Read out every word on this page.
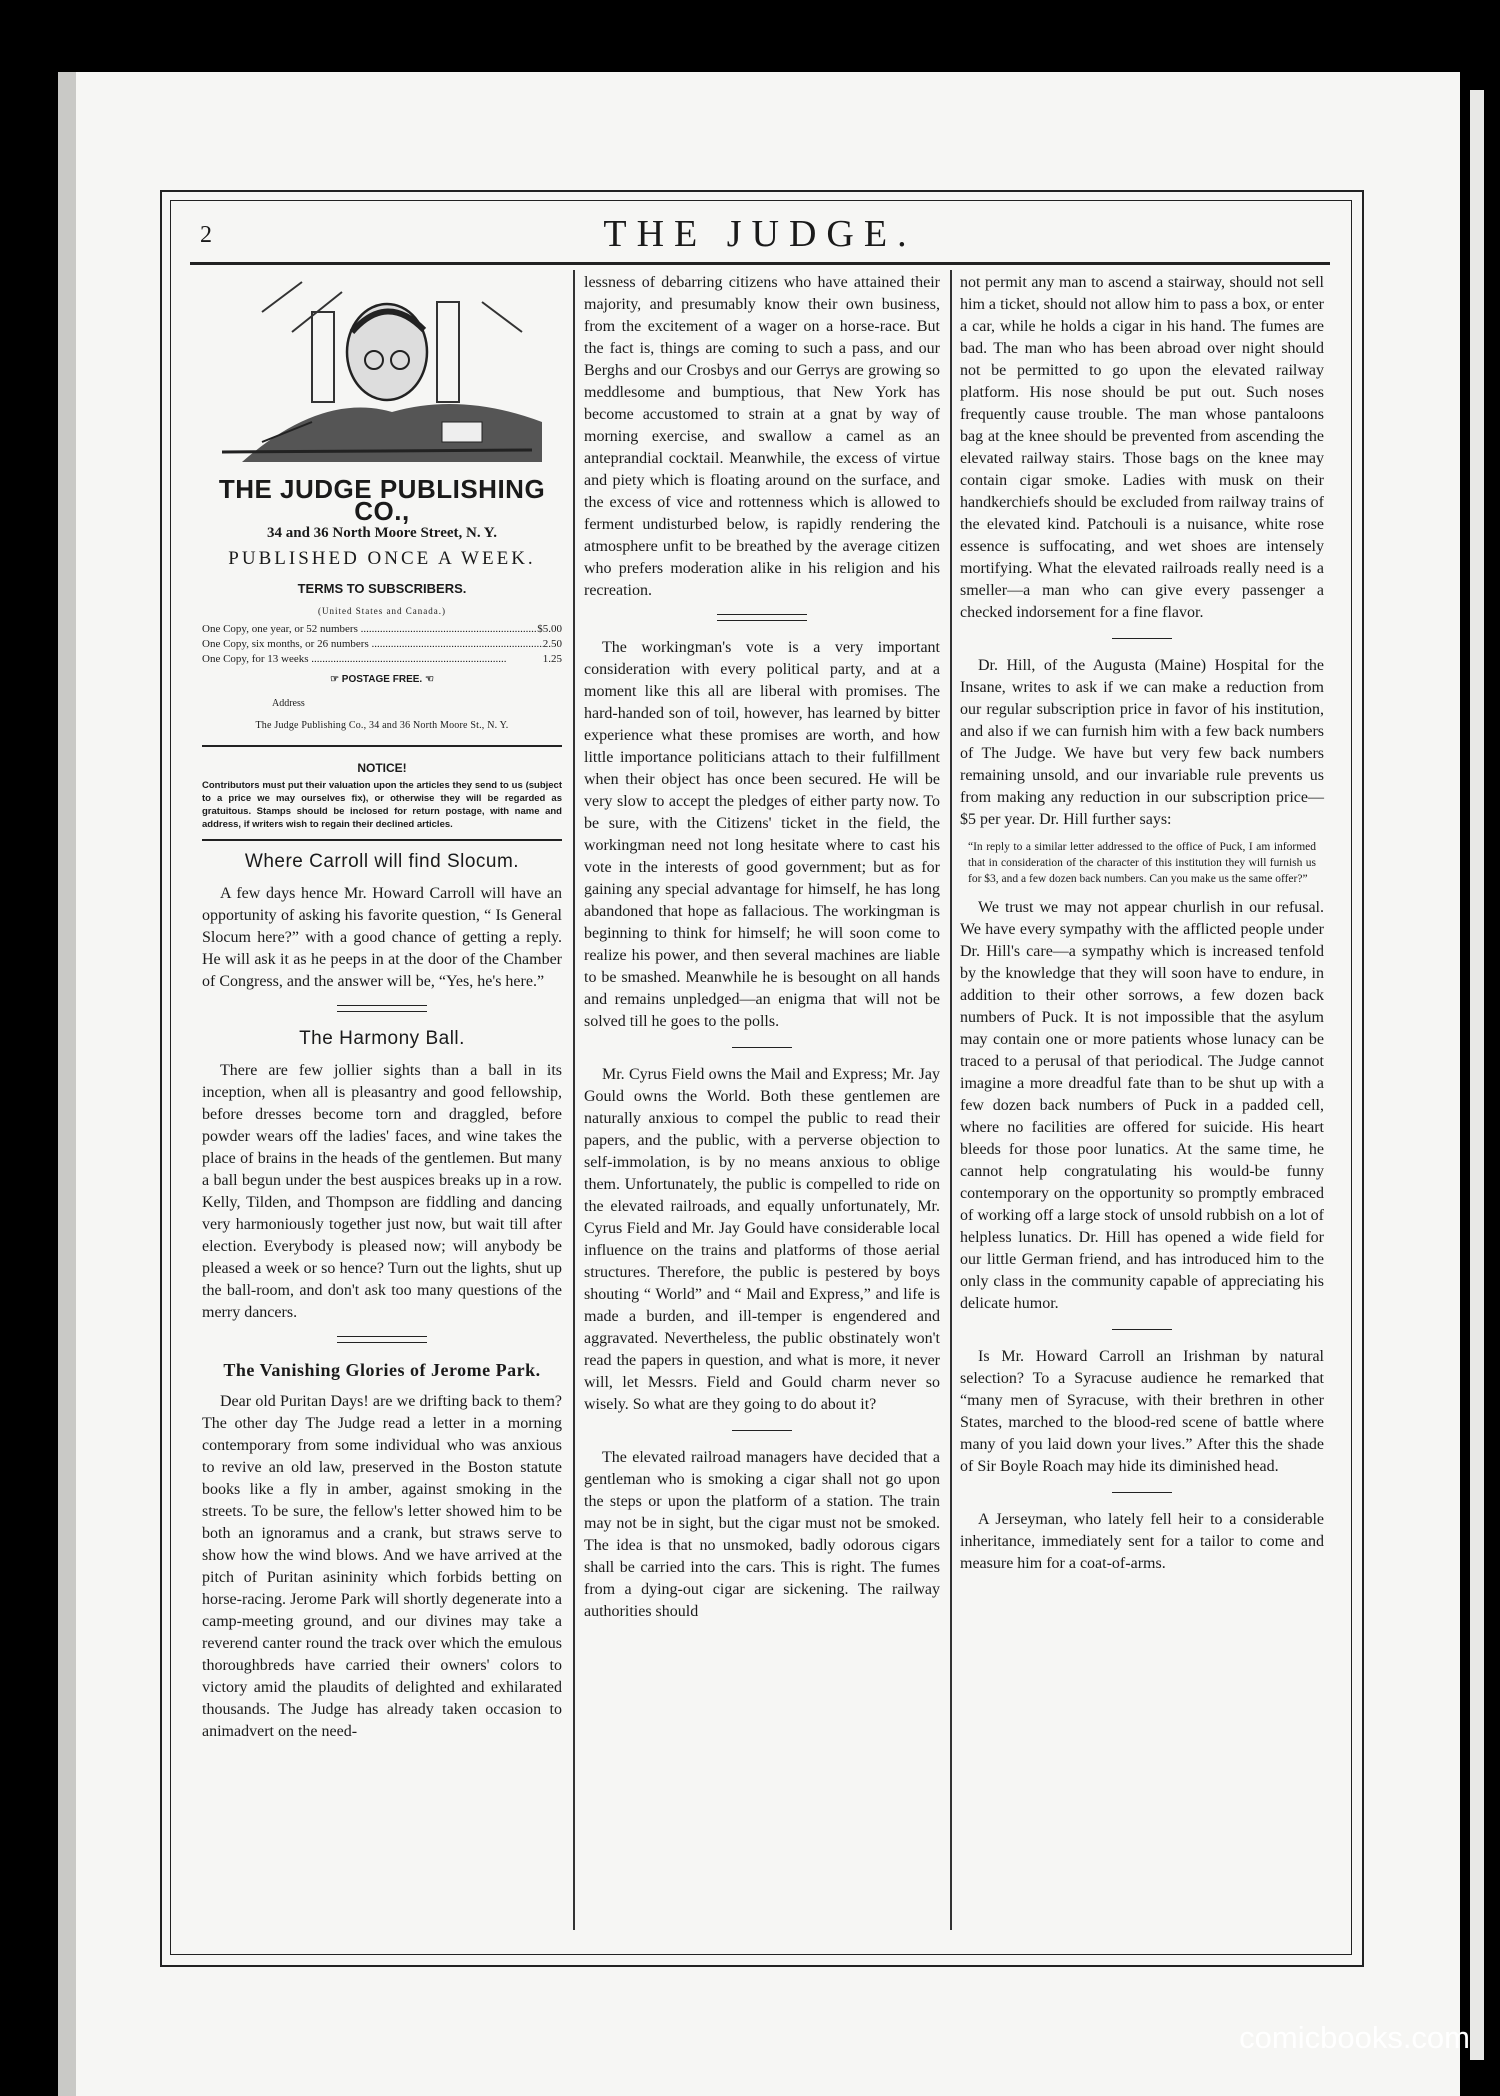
2	THE JUDGE.
THE JUDGE PUBLISHING CO.,
34 and 36 North Moore Street, N. Y.
PUBLISHED ONCE A WEEK.
TERMS TO SUBSCRIBERS.
(United States and Canada.)
One Copy, one year, or 52 numbers .....	$5.00
One Copy, six months, or 26 numbers .....	2.50
One Copy, for 13 weeks .....	1.25
☞ POSTAGE FREE. ☜
Address
The Judge Publishing Co., 34 and 36 North Moore St., N. Y.
NOTICE!
Contributors must put their valuation upon the articles they send to us (subject to a price we may ourselves fix), or otherwise they will be regarded as gratuitous. Stamps should be inclosed for return postage, with name and address, if writers wish to regain their declined articles.
Where Carroll will find Slocum.

A few days hence Mr. Howard Carroll will have an opportunity of asking his favorite question, “ Is General Slocum here?” with a good chance of getting a reply. He will ask it as he peeps in at the door of the Chamber of Congress, and the answer will be, “Yes, he's here.”

The Harmony Ball.

There are few jollier sights than a ball in its inception, when all is pleasantry and good fellowship, before dresses become torn and draggled, before powder wears off the ladies' faces, and wine takes the place of brains in the heads of the gentlemen. But many a ball begun under the best auspices breaks up in a row. Kelly, Tilden, and Thompson are fiddling and dancing very harmoniously together just now, but wait till after election. Everybody is pleased now; will anybody be pleased a week or so hence? Turn out the lights, shut up the ball-room, and don't ask too many questions of the merry dancers.

The Vanishing Glories of Jerome Park.

Dear old Puritan Days! are we drifting back to them? The other day The Judge read a letter in a morning contemporary from some individual who was anxious to revive an old law, preserved in the Boston statute books like a fly in amber, against smoking in the streets. To be sure, the fellow's letter showed him to be both an ignoramus and a crank, but straws serve to show how the wind blows. And we have arrived at the pitch of Puritan asininity which forbids betting on horse-racing. Jerome Park will shortly degenerate into a camp-meeting ground, and our divines may take a reverend canter round the track over which the emulous thoroughbreds have carried their owners' colors to victory amid the plaudits of delighted and exhilarated thousands. The Judge has already taken occasion to animadvert on the need-

lessness of debarring citizens who have attained their majority, and presumably know their own business, from the excitement of a wager on a horse-race. But the fact is, things are coming to such a pass, and our Berghs and our Crosbys and our Gerrys are growing so meddlesome and bumptious, that New York has become accustomed to strain at a gnat by way of morning exercise, and swallow a camel as an anteprandial cocktail. Meanwhile, the excess of virtue and piety which is floating around on the surface, and the excess of vice and rottenness which is allowed to ferment undisturbed below, is rapidly rendering the atmosphere unfit to be breathed by the average citizen who prefers moderation alike in his religion and his recreation.

The workingman's vote is a very important consideration with every political party, and at a moment like this all are liberal with promises. The hard-handed son of toil, however, has learned by bitter experience what these promises are worth, and how little importance politicians attach to their fulfillment when their object has once been secured. He will be very slow to accept the pledges of either party now. To be sure, with the Citizens' ticket in the field, the workingman need not long hesitate where to cast his vote in the interests of good government; but as for gaining any special advantage for himself, he has long abandoned that hope as fallacious. The workingman is beginning to think for himself; he will soon come to realize his power, and then several machines are liable to be smashed. Meanwhile he is besought on all hands and remains unpledged—an enigma that will not be solved till he goes to the polls.

Mr. Cyrus Field owns the Mail and Express; Mr. Jay Gould owns the World. Both these gentlemen are naturally anxious to compel the public to read their papers, and the public, with a perverse objection to self-immolation, is by no means anxious to oblige them. Unfortunately, the public is compelled to ride on the elevated railroads, and equally unfortunately, Mr. Cyrus Field and Mr. Jay Gould have considerable local influence on the trains and platforms of those aerial structures. Therefore, the public is pestered by boys shouting “ World” and “ Mail and Express,” and life is made a burden, and ill-temper is engendered and aggravated. Nevertheless, the public obstinately won't read the papers in question, and what is more, it never will, let Messrs. Field and Gould charm never so wisely. So what are they going to do about it?

The elevated railroad managers have decided that a gentleman who is smoking a cigar shall not go upon the steps or upon the platform of a station. The train may not be in sight, but the cigar must not be smoked. The idea is that no unsmoked, badly odorous cigars shall be carried into the cars. This is right. The fumes from a dying-out cigar are sickening. The railway authorities should

not permit any man to ascend a stairway, should not sell him a ticket, should not allow him to pass a box, or enter a car, while he holds a cigar in his hand. The fumes are bad. The man who has been abroad over night should not be permitted to go upon the elevated railway platform. His nose should be put out. Such noses frequently cause trouble. The man whose pantaloons bag at the knee should be prevented from ascending the elevated railway stairs. Those bags on the knee may contain cigar smoke. Ladies with musk on their handkerchiefs should be excluded from railway trains of the elevated kind. Patchouli is a nuisance, white rose essence is suffocating, and wet shoes are intensely mortifying. What the elevated railroads really need is a smeller—a man who can give every passenger a checked indorsement for a fine flavor.

Dr. Hill, of the Augusta (Maine) Hospital for the Insane, writes to ask if we can make a reduction from our regular subscription price in favor of his institution, and also if we can furnish him with a few back numbers of The Judge. We have but very few back numbers remaining unsold, and our invariable rule prevents us from making any reduction in our subscription price—$5 per year. Dr. Hill further says:

“In reply to a similar letter addressed to the office of Puck, I am informed that in consideration of the character of this institution they will furnish us for $3, and a few dozen back numbers. Can you make us the same offer?”

We trust we may not appear churlish in our refusal. We have every sympathy with the afflicted people under Dr. Hill's care—a sympathy which is increased tenfold by the knowledge that they will soon have to endure, in addition to their other sorrows, a few dozen back numbers of Puck. It is not impossible that the asylum may contain one or more patients whose lunacy can be traced to a perusal of that periodical. The Judge cannot imagine a more dreadful fate than to be shut up with a few dozen back numbers of Puck in a padded cell, where no facilities are offered for suicide. His heart bleeds for those poor lunatics. At the same time, he cannot help congratulating his would-be funny contemporary on the opportunity so promptly embraced of working off a large stock of unsold rubbish on a lot of helpless lunatics. Dr. Hill has opened a wide field for our little German friend, and has introduced him to the only class in the community capable of appreciating his delicate humor.

Is Mr. Howard Carroll an Irishman by natural selection? To a Syracuse audience he remarked that “many men of Syracuse, with their brethren in other States, marched to the blood-red scene of battle where many of you laid down your lives.” After this the shade of Sir Boyle Roach may hide its diminished head.

A Jerseyman, who lately fell heir to a considerable inheritance, immediately sent for a tailor to come and measure him for a coat-of-arms.

comicbooks.com
